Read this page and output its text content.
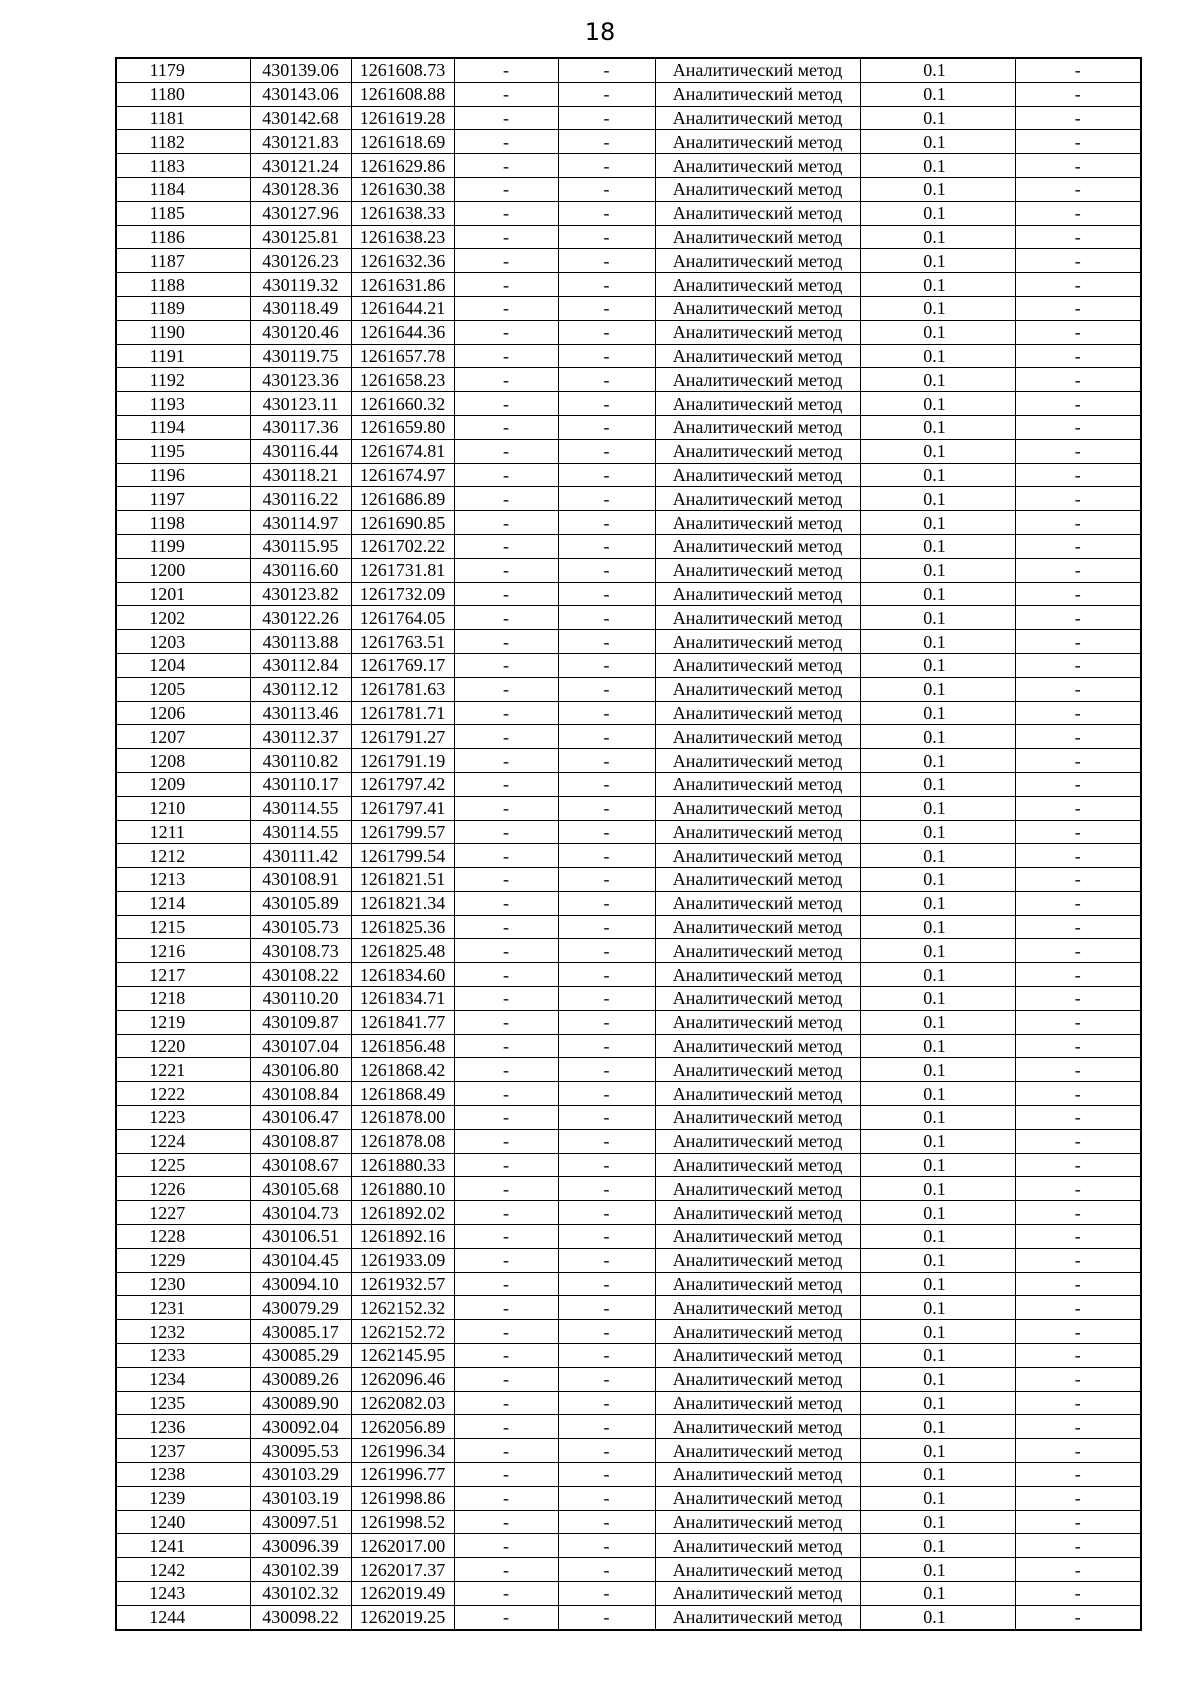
18
1179	430139.06	1261608.73	-	-	Аналитический метод	0.1	-
1180	430143.06	1261608.88	-	-	Аналитический метод	0.1	-
1181	430142.68	1261619.28	-	-	Аналитический метод	0.1	-
1182	430121.83	1261618.69	-	-	Аналитический метод	0.1	-
1183	430121.24	1261629.86	-	-	Аналитический метод	0.1	-
1184	430128.36	1261630.38	-	-	Аналитический метод	0.1	-
1185	430127.96	1261638.33	-	-	Аналитический метод	0.1	-
1186	430125.81	1261638.23	-	-	Аналитический метод	0.1	-
1187	430126.23	1261632.36	-	-	Аналитический метод	0.1	-
1188	430119.32	1261631.86	-	-	Аналитический метод	0.1	-
1189	430118.49	1261644.21	-	-	Аналитический метод	0.1	-
1190	430120.46	1261644.36	-	-	Аналитический метод	0.1	-
1191	430119.75	1261657.78	-	-	Аналитический метод	0.1	-
1192	430123.36	1261658.23	-	-	Аналитический метод	0.1	-
1193	430123.11	1261660.32	-	-	Аналитический метод	0.1	-
1194	430117.36	1261659.80	-	-	Аналитический метод	0.1	-
1195	430116.44	1261674.81	-	-	Аналитический метод	0.1	-
1196	430118.21	1261674.97	-	-	Аналитический метод	0.1	-
1197	430116.22	1261686.89	-	-	Аналитический метод	0.1	-
1198	430114.97	1261690.85	-	-	Аналитический метод	0.1	-
1199	430115.95	1261702.22	-	-	Аналитический метод	0.1	-
1200	430116.60	1261731.81	-	-	Аналитический метод	0.1	-
1201	430123.82	1261732.09	-	-	Аналитический метод	0.1	-
1202	430122.26	1261764.05	-	-	Аналитический метод	0.1	-
1203	430113.88	1261763.51	-	-	Аналитический метод	0.1	-
1204	430112.84	1261769.17	-	-	Аналитический метод	0.1	-
1205	430112.12	1261781.63	-	-	Аналитический метод	0.1	-
1206	430113.46	1261781.71	-	-	Аналитический метод	0.1	-
1207	430112.37	1261791.27	-	-	Аналитический метод	0.1	-
1208	430110.82	1261791.19	-	-	Аналитический метод	0.1	-
1209	430110.17	1261797.42	-	-	Аналитический метод	0.1	-
1210	430114.55	1261797.41	-	-	Аналитический метод	0.1	-
1211	430114.55	1261799.57	-	-	Аналитический метод	0.1	-
1212	430111.42	1261799.54	-	-	Аналитический метод	0.1	-
1213	430108.91	1261821.51	-	-	Аналитический метод	0.1	-
1214	430105.89	1261821.34	-	-	Аналитический метод	0.1	-
1215	430105.73	1261825.36	-	-	Аналитический метод	0.1	-
1216	430108.73	1261825.48	-	-	Аналитический метод	0.1	-
1217	430108.22	1261834.60	-	-	Аналитический метод	0.1	-
1218	430110.20	1261834.71	-	-	Аналитический метод	0.1	-
1219	430109.87	1261841.77	-	-	Аналитический метод	0.1	-
1220	430107.04	1261856.48	-	-	Аналитический метод	0.1	-
1221	430106.80	1261868.42	-	-	Аналитический метод	0.1	-
1222	430108.84	1261868.49	-	-	Аналитический метод	0.1	-
1223	430106.47	1261878.00	-	-	Аналитический метод	0.1	-
1224	430108.87	1261878.08	-	-	Аналитический метод	0.1	-
1225	430108.67	1261880.33	-	-	Аналитический метод	0.1	-
1226	430105.68	1261880.10	-	-	Аналитический метод	0.1	-
1227	430104.73	1261892.02	-	-	Аналитический метод	0.1	-
1228	430106.51	1261892.16	-	-	Аналитический метод	0.1	-
1229	430104.45	1261933.09	-	-	Аналитический метод	0.1	-
1230	430094.10	1261932.57	-	-	Аналитический метод	0.1	-
1231	430079.29	1262152.32	-	-	Аналитический метод	0.1	-
1232	430085.17	1262152.72	-	-	Аналитический метод	0.1	-
1233	430085.29	1262145.95	-	-	Аналитический метод	0.1	-
1234	430089.26	1262096.46	-	-	Аналитический метод	0.1	-
1235	430089.90	1262082.03	-	-	Аналитический метод	0.1	-
1236	430092.04	1262056.89	-	-	Аналитический метод	0.1	-
1237	430095.53	1261996.34	-	-	Аналитический метод	0.1	-
1238	430103.29	1261996.77	-	-	Аналитический метод	0.1	-
1239	430103.19	1261998.86	-	-	Аналитический метод	0.1	-
1240	430097.51	1261998.52	-	-	Аналитический метод	0.1	-
1241	430096.39	1262017.00	-	-	Аналитический метод	0.1	-
1242	430102.39	1262017.37	-	-	Аналитический метод	0.1	-
1243	430102.32	1262019.49	-	-	Аналитический метод	0.1	-
1244	430098.22	1262019.25	-	-	Аналитический метод	0.1	-
